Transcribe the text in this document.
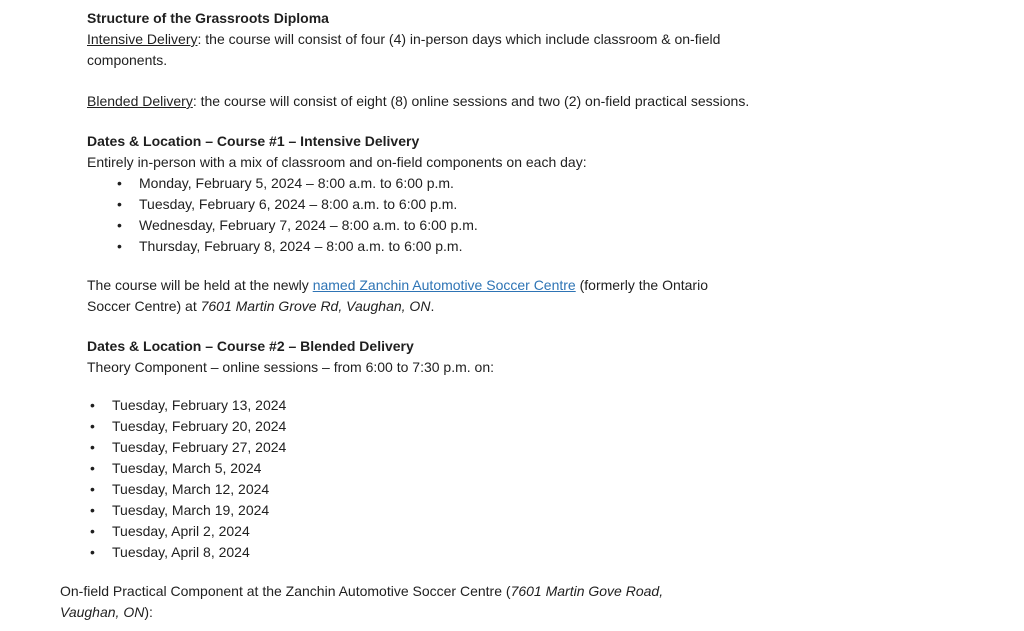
Structure of the Grassroots Diploma
Intensive Delivery: the course will consist of four (4) in-person days which include classroom & on-field
components.
Blended Delivery: the course will consist of eight (8) online sessions and two (2) on-field practical sessions.
Dates & Location – Course #1 – Intensive Delivery
Entirely in-person with a mix of classroom and on-field components on each day:
•	Monday, February 5, 2024 – 8:00 a.m. to 6:00 p.m.
•	Tuesday, February 6, 2024 – 8:00 a.m. to 6:00 p.m.
•	Wednesday, February 7, 2024 – 8:00 a.m. to 6:00 p.m.
•	Thursday, February 8, 2024 – 8:00 a.m. to 6:00 p.m.
The course will be held at the newly named Zanchin Automotive Soccer Centre (formerly the Ontario
Soccer Centre) at 7601 Martin Grove Rd, Vaughan, ON.
Dates & Location – Course #2 – Blended Delivery
Theory Component – online sessions – from 6:00 to 7:30 p.m. on:
•	Tuesday, February 13, 2024
•	Tuesday, February 20, 2024
•	Tuesday, February 27, 2024
•	Tuesday, March 5, 2024
•	Tuesday, March 12, 2024
•	Tuesday, March 19, 2024
•	Tuesday, April 2, 2024
•	Tuesday, April 8, 2024
On-field Practical Component at the Zanchin Automotive Soccer Centre (7601 Martin Gove Road,
Vaughan, ON):
